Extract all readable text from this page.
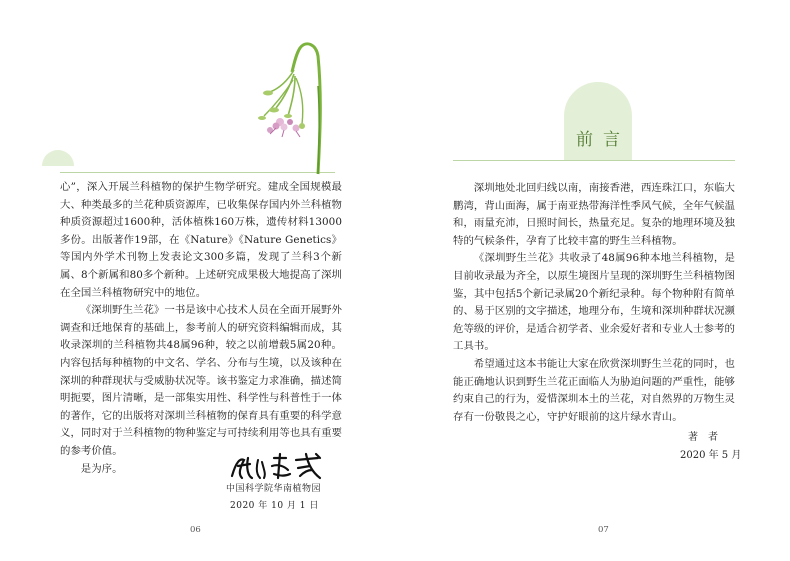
心”，深入开展兰科植物的保护生物学研究。建成全国规模最大、种类最多的兰花种质资源库，已收集保存国内外兰科植物种质资源超过1600种，活体植株160万株，遗传材料13000多份。出版著作19部，在《Nature》《Nature Genetics》等国内外学术刊物上发表论文300多篇，发现了兰科3个新属、8个新属和80多个新种。上述研究成果极大地提高了深圳在全国兰科植物研究中的地位。

《深圳野生兰花》一书是该中心技术人员在全面开展野外调查和迁地保育的基础上，参考前人的研究资料编辑而成，其收录深圳的兰科植物共48属96种，较之以前增载5属20种。内容包括每种植物的中文名、学名、分布与生境，以及该种在深圳的种群现状与受威胁状况等。该书鉴定力求准确，描述简明扼要，图片清晰，是一部集实用性、科学性与科普性于一体的著作，它的出版将对深圳兰科植物的保育具有重要的科学意义，同时对于兰科植物的物种鉴定与可持续利用等也具有重要的参考价值。

是为序。

中国科学院华南植物园
2020 年 10 月 1 日
06
前言

深圳地处北回归线以南，南接香港，西连珠江口，东临大鹏湾，背山面海，属于南亚热带海洋性季风气候，全年气候温和，雨量充沛，日照时间长，热量充足。复杂的地理环境及独特的气候条件，孕育了比较丰富的野生兰科植物。

《深圳野生兰花》共收录了48属96种本地兰科植物，是目前收录最为齐全，以原生境图片呈现的深圳野生兰科植物图鉴，其中包括5个新记录属20个新纪录种。每个物种附有简单的、易于区别的文字描述，地理分布，生境和深圳种群状况濒危等级的评价，是适合初学者、业余爱好者和专业人士参考的工具书。

希望通过这本书能让大家在欣赏深圳野生兰花的同时，也能正确地认识到野生兰花正面临人为胁迫问题的严重性，能够约束自己的行为，爱惜深圳本土的兰花，对自然界的万物生灵存有一份敬畏之心，守护好眼前的这片绿水青山。

著者
2020 年 5 月
07
